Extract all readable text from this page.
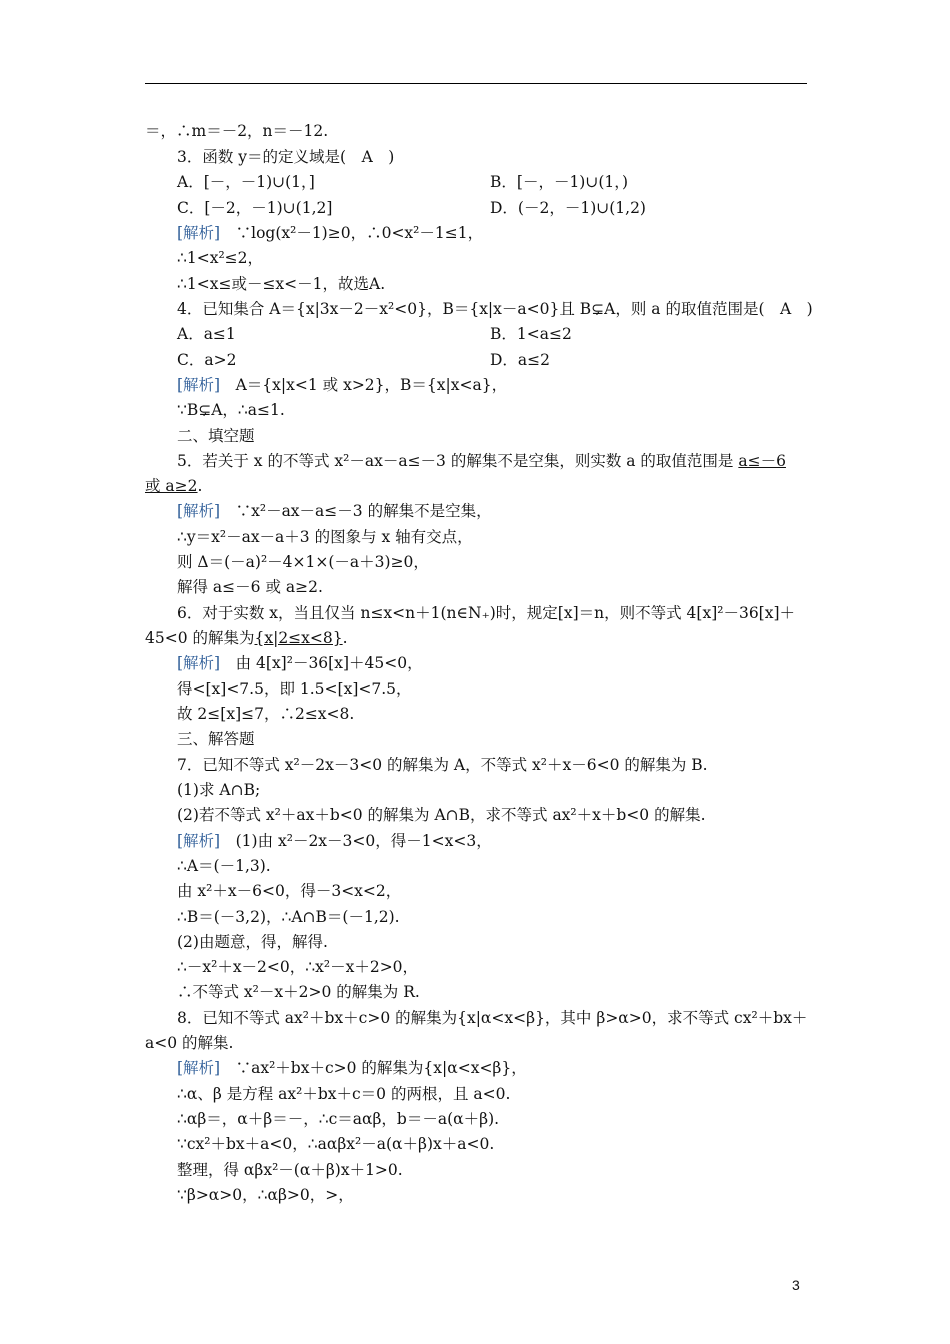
＝，∴m＝－2，n＝－12.
3．函数 y＝的定义域是(　A　)
A．[－，－1)∪(1，]	B．[－，－1)∪(1，)
C．[－2，－1)∪(1,2]	D．(－2，－1)∪(1,2)
[解析]　∵log(x²－1)≥0，∴0<x²－1≤1，
∴1<x²≤2，
∴1<x≤或－≤x<－1，故选A.
4．已知集合 A＝{x|3x－2－x²<0}，B＝{x|x－a<0}且 B⊊A，则 a 的取值范围是(　A　)
A．a≤1	B．1<a≤2
C．a>2	D．a≤2
[解析]　A＝{x|x<1 或 x>2}，B＝{x|x<a}，
∵B⊊A，∴a≤1.
二、填空题
5．若关于 x 的不等式 x²－ax－a≤－3 的解集不是空集，则实数 a 的取值范围是 a≤－6
或 a≥2.
[解析]　∵x²－ax－a≤－3 的解集不是空集，
∴y＝x²－ax－a＋3 的图象与 x 轴有交点，
则 Δ＝(－a)²－4×1×(－a＋3)≥0，
解得 a≤－6 或 a≥2.
6．对于实数 x，当且仅当 n≤x<n＋1(n∈N₊)时，规定[x]＝n，则不等式 4[x]²－36[x]＋
45<0 的解集为{x|2≤x<8}.
[解析]　由 4[x]²－36[x]＋45<0，
得<[x]<7.5，即 1.5<[x]<7.5，
故 2≤[x]≤7，∴2≤x<8.
三、解答题
7．已知不等式 x²－2x－3<0 的解集为 A，不等式 x²＋x－6<0 的解集为 B.
(1)求 A∩B;
(2)若不等式 x²＋ax＋b<0 的解集为 A∩B，求不等式 ax²＋x＋b<0 的解集.
[解析]　(1)由 x²－2x－3<0，得－1<x<3，
∴A＝(－1,3).
由 x²＋x－6<0，得－3<x<2，
∴B＝(－3,2)，∴A∩B＝(－1,2).
(2)由题意，得，解得.
∴－x²＋x－2<0，∴x²－x＋2>0，
∴不等式 x²－x＋2>0 的解集为 R.
8．已知不等式 ax²＋bx＋c>0 的解集为{x|α<x<β}，其中 β>α>0，求不等式 cx²＋bx＋
a<0 的解集.
[解析]　∵ax²＋bx＋c>0 的解集为{x|α<x<β}，
∴α、β 是方程 ax²＋bx＋c＝0 的两根，且 a<0.
∴αβ＝，α＋β＝－，∴c＝aαβ，b＝－a(α＋β).
∵cx²＋bx＋a<0，∴aαβx²－a(α＋β)x＋a<0.
整理，得 αβx²－(α＋β)x＋1>0.
∵β>α>0，∴αβ>0，>，
3
